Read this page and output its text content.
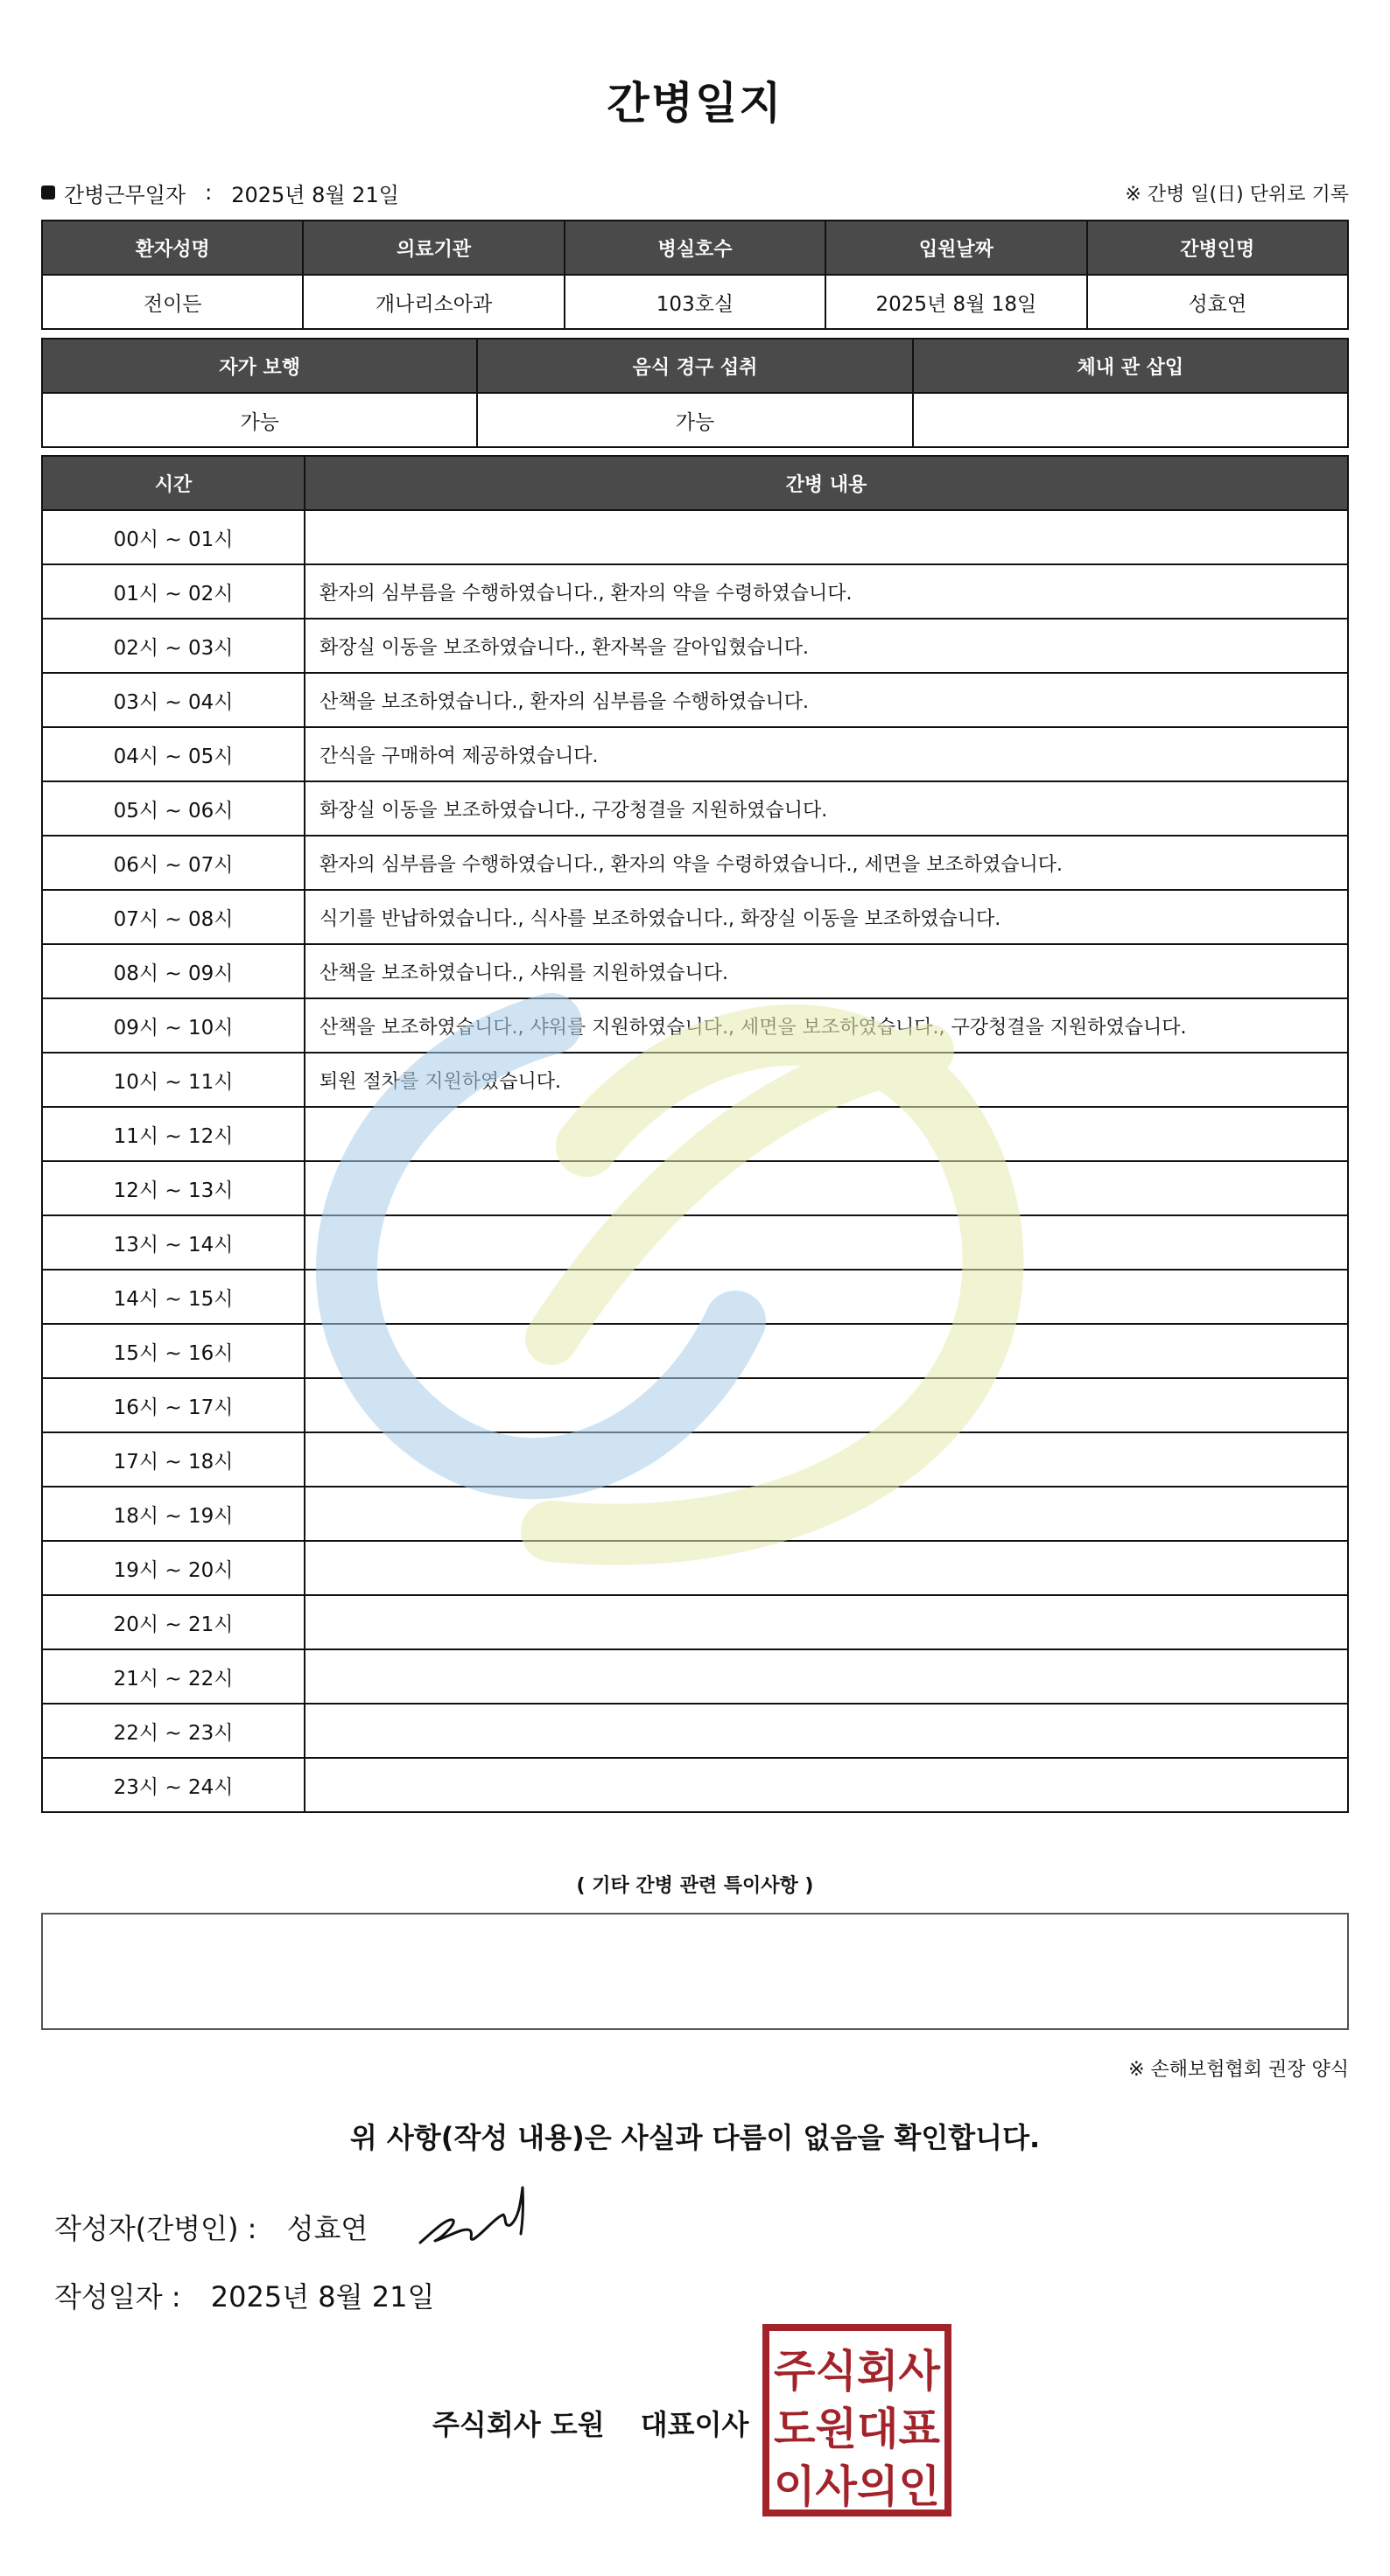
간병일지
간병근무일자 : 2025년 8월 21일	※ 간병 일(日) 단위로 기록
환자성명	의료기관	병실호수	입원날짜	간병인명
전이든	개나리소아과	103호실	2025년 8월 18일	성효연
자가 보행	음식 경구 섭취	체내 관 삽입
가능	가능	
시간	간병 내용
00시 ~ 01시	
01시 ~ 02시	환자의 심부름을 수행하였습니다., 환자의 약을 수령하였습니다.
02시 ~ 03시	화장실 이동을 보조하였습니다., 환자복을 갈아입혔습니다.
03시 ~ 04시	산책을 보조하였습니다., 환자의 심부름을 수행하였습니다.
04시 ~ 05시	간식을 구매하여 제공하였습니다.
05시 ~ 06시	화장실 이동을 보조하였습니다., 구강청결을 지원하였습니다.
06시 ~ 07시	환자의 심부름을 수행하였습니다., 환자의 약을 수령하였습니다., 세면을 보조하였습니다.
07시 ~ 08시	식기를 반납하였습니다., 식사를 보조하였습니다., 화장실 이동을 보조하였습니다.
08시 ~ 09시	산책을 보조하였습니다., 샤워를 지원하였습니다.
09시 ~ 10시	산책을 보조하였습니다., 샤워를 지원하였습니다., 세면을 보조하였습니다., 구강청결을 지원하였습니다.
10시 ~ 11시	퇴원 절차를 지원하였습니다.
11시 ~ 12시	
12시 ~ 13시	
13시 ~ 14시	
14시 ~ 15시	
15시 ~ 16시	
16시 ~ 17시	
17시 ~ 18시	
18시 ~ 19시	
19시 ~ 20시	
20시 ~ 21시	
21시 ~ 22시	
22시 ~ 23시	
23시 ~ 24시	
( 기타 간병 관련 특이사항 )
※ 손해보험협회 권장 양식
위 사항(작성 내용)은 사실과 다름이 없음을 확인합니다.
작성자(간병인) : 성효연
작성일자 : 2025년 8월 21일
주식회사 도원 대표이사
주식회사
도원대표
이사의인
